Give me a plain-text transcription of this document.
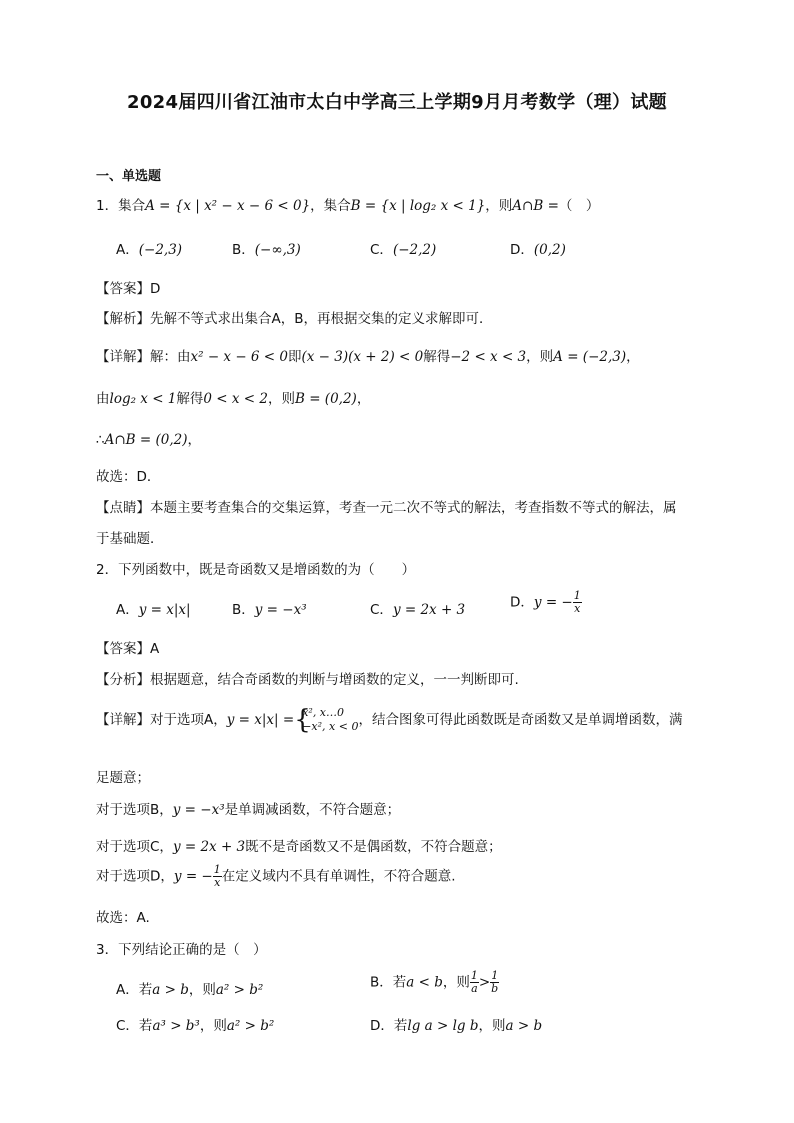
2024届四川省江油市太白中学高三上学期9月月考数学（理）试题
一、单选题
1．集合A = {x | x² − x − 6 < 0}，集合B = {x | log₂ x < 1}，则A∩B =（　）
A．(−2,3)	B．(−∞,3)	C．(−2,2)	D．(0,2)
【答案】D
【解析】先解不等式求出集合A，B，再根据交集的定义求解即可．
【详解】解：由x² − x − 6 < 0即(x − 3)(x + 2) < 0解得−2 < x < 3，则A = (−2,3)，
由log₂ x < 1解得0 < x < 2，则B = (0,2)，
∴A∩B = (0,2)，
故选：D．
【点睛】本题主要考查集合的交集运算，考查一元二次不等式的解法，考查指数不等式的解法，属
于基础题．
2．下列函数中，既是奇函数又是增函数的为（　　）
A．y = x|x|	B．y = −x³	C．y = 2x + 3	D．y = − $\frac{1}{x}$
【答案】A
【分析】根据题意，结合奇函数的判断与增函数的定义，一一判断即可.
【详解】对于选项A，y = x|x| = {
x², x…0
−x², x < 0 ，结合图象可得此函数既是奇函数又是单调增函数，满
足题意；
对于选项B，y = −x³是单调减函数，不符合题意；
对于选项C，y = 2x + 3既不是奇函数又不是偶函数，不符合题意；
对于选项D，y = − $\frac{1}{x}$ 在定义域内不具有单调性，不符合题意.
故选：A.
3．下列结论正确的是（　）
A．若a > b，则a² > b²	B．若a < b，则 $\frac{1}{a} > \frac{1}{b}$
C．若a³ > b³，则a² > b²	D．若lg a > lg b，则a > b
